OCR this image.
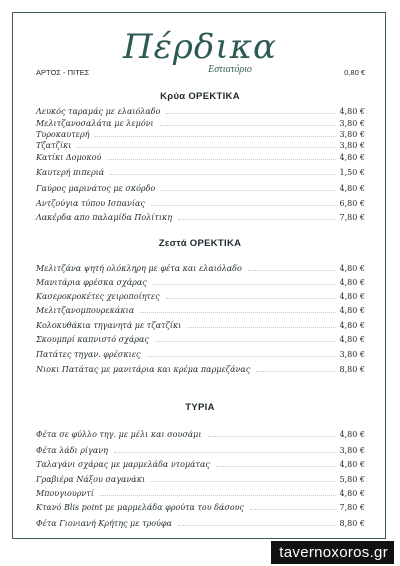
Πέρδικα
Εστιατόριο
ΑΡΤΟΣ - ΠΙΤΕΣ	0,80 €
Κρύα ΟΡΕΚΤΙΚΑ
Λευκός ταραμάς με ελαιόλαδο	4,80 €
Μελιτζανοσαλάτα με λεμόνι	3,80 €
Τυροκαυτερή	3,80 €
Τζατζίκι	3,80 €
Κατίκι Δομοκού	4,80 €
Καυτερή πιπεριά	1,50 €
Γαύρος μαρινάτος με σκόρδο	4,80 €
Αντζούγια τύπου Ισπανίας	6,80 €
Λακέρδα απο παλαμίδα Πολίτικη	7,80 €
Ζεστά ΟΡΕΚΤΙΚΑ
Μελιτζάνα ψητή ολόκληρη με φέτα και ελαιόλαδο	4,80 €
Μανιτάρια φρέσκα σχάρας	4,80 €
Κασεροκροκέτες χειροποίητες	4,80 €
Μελιτζανομπουρεκάκια	4,80 €
Κολοκυθάκια τηγανητά με τζατζίκι	4,80 €
Σκουμπρί καπνιστό σχάρας	4,80 €
Πατάτες τηγαν. φρέσκιες	3,80 €
Νιοκι Πατάτας με μανιτάρια και κρέμα παρμεζάνας	8,80 €
ΤΥΡΙΑ
Φέτα σε φύλλο τηγ. με μέλι και σουσάμι	4,80 €
Φέτα λάδι ρίγανη	3,80 €
Ταλαγάνι σχάρας με μαρμελάδα ντομάτας	4,80 €
Γραβιέρα Νάξου σαγανάκι	5,80 €
Μπουγιουρντί	4,80 €
Κτανό Blis point με μαρμελάδα φρούτα του δάσους	7,80 €
Φέτα Γιονιανή Κρήτης με τρούφα	8,80 €
tavernoxoros.gr
